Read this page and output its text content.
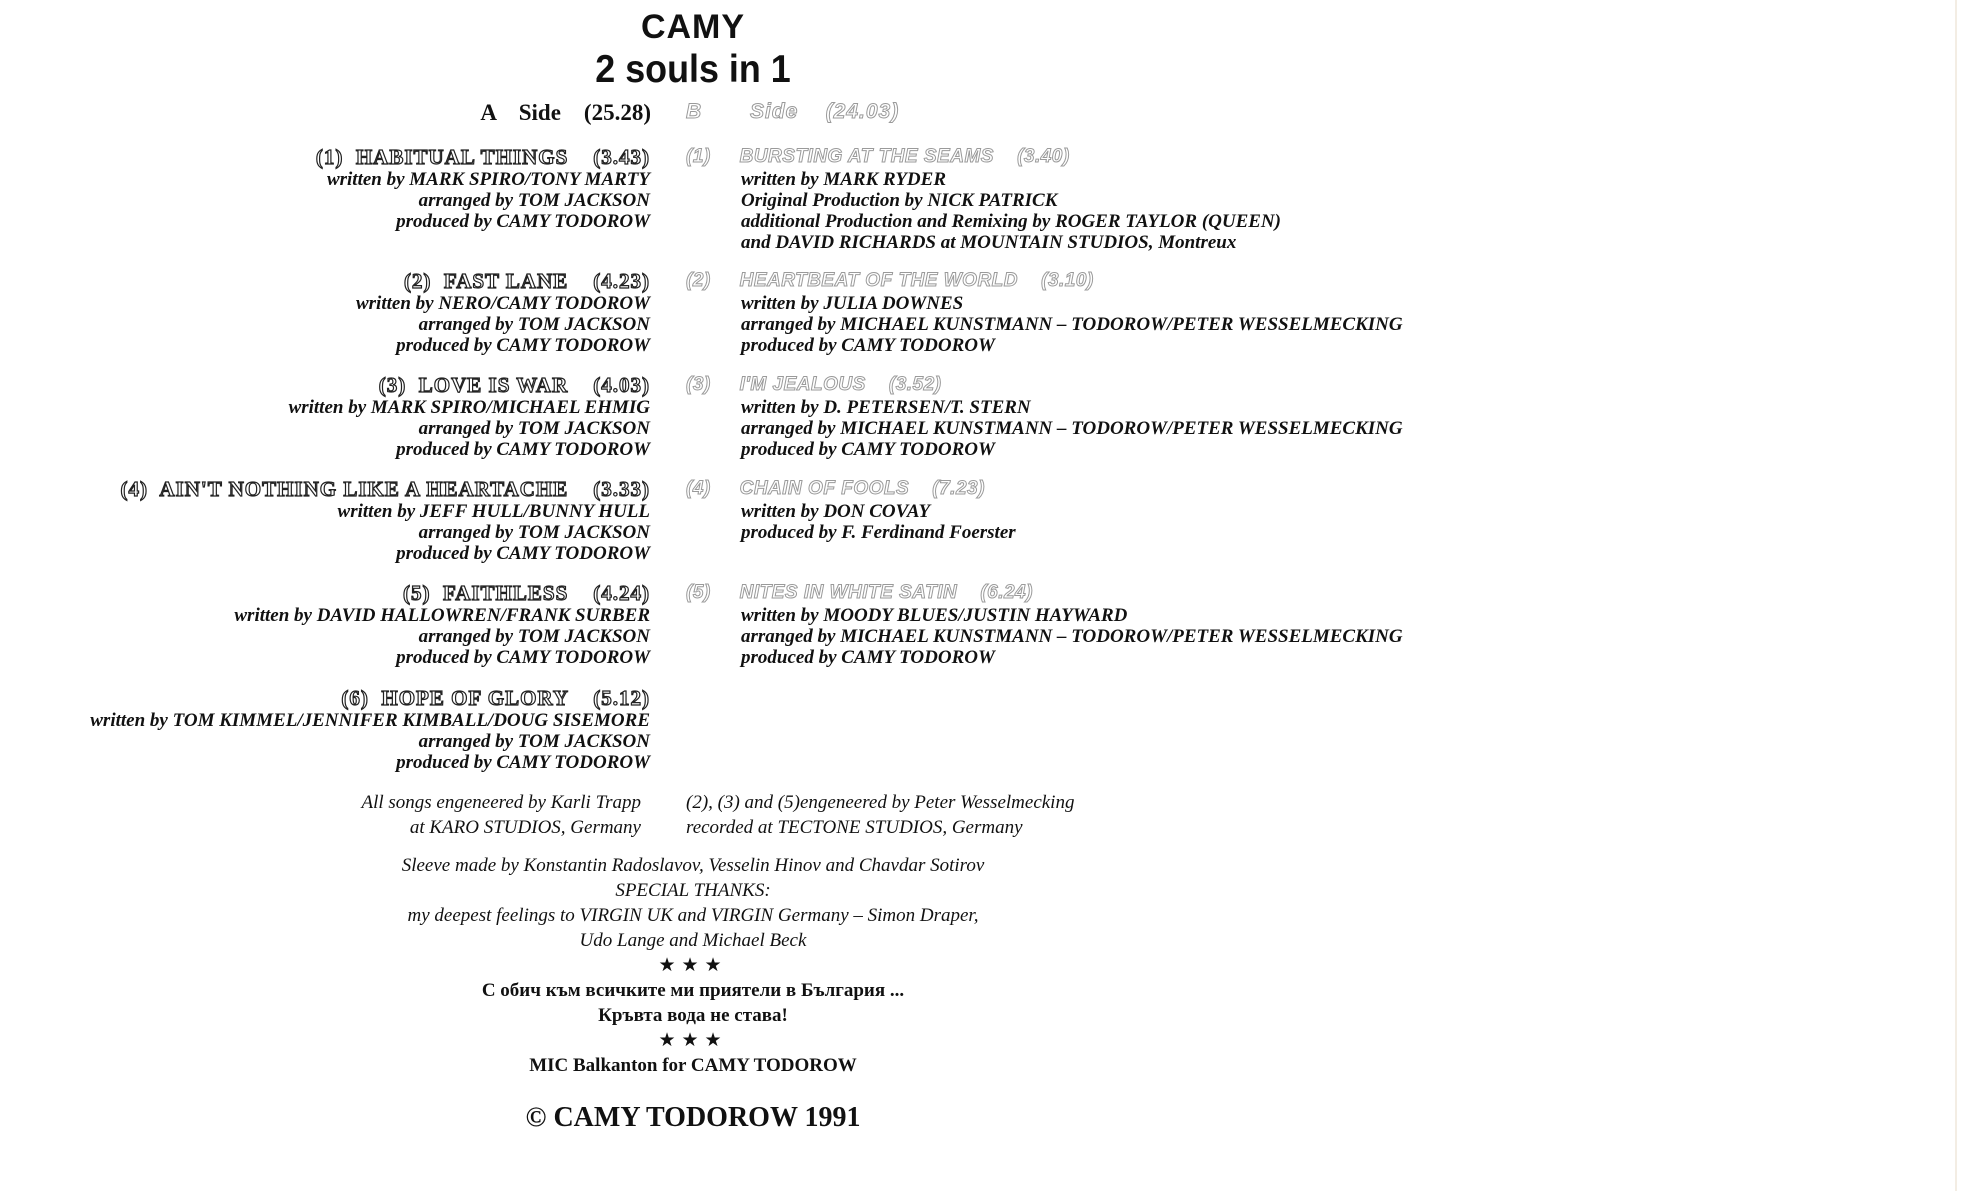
CAMY
2 souls in 1
A    Side    (25.28) B       Side    (24.03)
(1)  HABITUAL THINGS    (3.43)
written by MARK SPIRO/TONY MARTY
arranged by TOM JACKSON
produced by CAMY TODOROW
(2)  FAST LANE    (4.23)
written by NERO/CAMY TODOROW
arranged by TOM JACKSON
produced by CAMY TODOROW
(3)  LOVE IS WAR    (4.03)
written by MARK SPIRO/MICHAEL EHMIG
arranged by TOM JACKSON
produced by CAMY TODOROW
(4)  AIN'T NOTHING LIKE A HEARTACHE    (3.33)
written by JEFF HULL/BUNNY HULL
arranged by TOM JACKSON
produced by CAMY TODOROW
(5)  FAITHLESS    (4.24)
written by DAVID HALLOWREN/FRANK SURBER
arranged by TOM JACKSON
produced by CAMY TODOROW
(6)  HOPE OF GLORY    (5.12)
written by TOM KIMMEL/JENNIFER KIMBALL/DOUG SISEMORE
arranged by TOM JACKSON
produced by CAMY TODOROW
(1)     BURSTING AT THE SEAMS    (3.40)
written by MARK RYDER
Original Production by NICK PATRICK
additional Production and Remixing by ROGER TAYLOR (QUEEN)
and DAVID RICHARDS at MOUNTAIN STUDIOS, Montreux
(2)     HEARTBEAT OF THE WORLD    (3.10)
written by JULIA DOWNES
arranged by MICHAEL KUNSTMANN – TODOROW/PETER WESSELMECKING
produced by CAMY TODOROW
(3)     I'M JEALOUS    (3.52)
written by D. PETERSEN/T. STERN
arranged by MICHAEL KUNSTMANN – TODOROW/PETER WESSELMECKING
produced by CAMY TODOROW
(4)     CHAIN OF FOOLS    (7.23)
written by DON COVAY
produced by F. Ferdinand Foerster
(5)     NITES IN WHITE SATIN    (6.24)
written by MOODY BLUES/JUSTIN HAYWARD
arranged by MICHAEL KUNSTMANN – TODOROW/PETER WESSELMECKING
produced by CAMY TODOROW
All songs engeneered by Karli Trapp
at KARO STUDIOS, Germany
(2), (3) and (5)engeneered by Peter Wesselmecking
recorded at TECTONE STUDIOS, Germany
Sleeve made by Konstantin Radoslavov, Vesselin Hinov and Chavdar Sotirov
SPECIAL THANKS:
my deepest feelings to VIRGIN UK and VIRGIN Germany – Simon Draper,
Udo Lange and Michael Beck
★★★
С обич към всичките ми приятели в България ...
Кръвта вода не става!
★★★
MIC Balkanton for CAMY TODOROW
© CAMY TODOROW 1991
